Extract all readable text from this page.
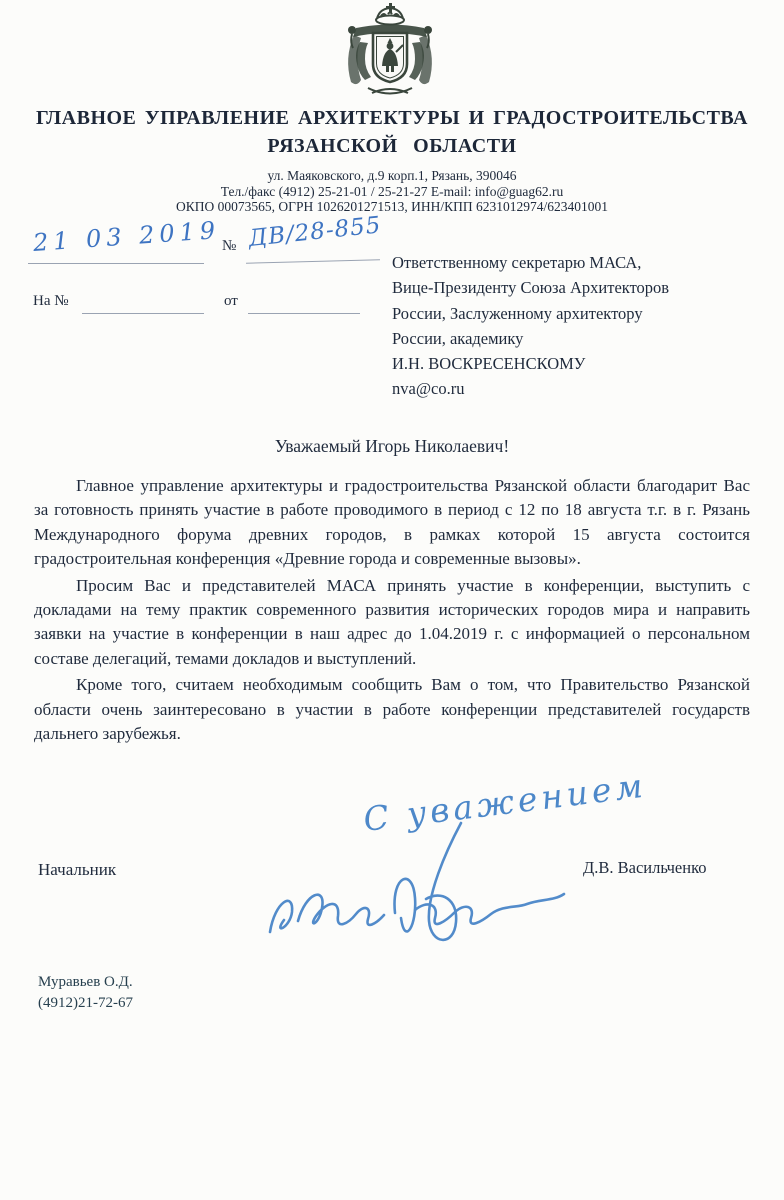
ГЛАВНОЕ УПРАВЛЕНИЕ АРХИТЕКТУРЫ И ГРАДОСТРОИТЕЛЬСТВА
РЯЗАНСКОЙ ОБЛАСТИ
ул. Маяковского, д.9 корп.1, Рязань, 390046
Тел./факс (4912) 25-21-01 / 25-21-27 E-mail: info@guag62.ru
ОКПО 00073565, ОГРН 1026201271513, ИНН/КПП 6231012974/623401001
21 03 2019 № ДВ/28-855
На №	от
Ответственному секретарю МАСА,
Вице-Президенту Союза Архитекторов
России, Заслуженному архитектору
России, академику
И.Н. ВОСКРЕСЕНСКОМУ
nva@co.ru
Уважаемый Игорь Николаевич!

Главное управление архитектуры и градостроительства Рязанской области благодарит Вас за готовность принять участие в работе проводимого в период с 12 по 18 августа т.г. в г. Рязань Международного форума древних городов, в рамках которой 15 августа состоится градостроительная конференция «Древние города и современные вызовы».

Просим Вас и представителей МАСА принять участие в конференции, выступить с докладами на тему практик современного развития исторических городов мира и направить заявки на участие в конференции в наш адрес до 1.04.2019 г. с информацией о персональном составе делегаций, темами докладов и выступлений.

Кроме того, считаем необходимым сообщить Вам о том, что Правительство Рязанской области очень заинтересовано в участии в работе конференции представителей государств дальнего зарубежья.

С уважением
Начальник	Д.В. Васильченко
Муравьев О.Д.
(4912)21-72-67
